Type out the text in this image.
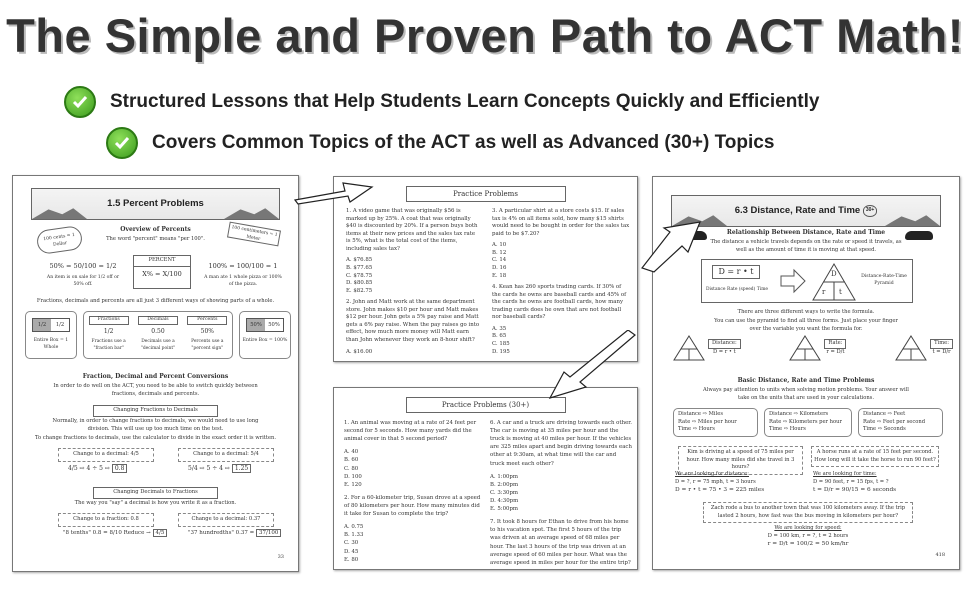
The Simple and Proven Path to ACT Math!
Structured Lessons that Help Students Learn Concepts Quickly and Efficiently
Covers Common Topics of the ACT as well as Advanced (30+) Topics
1.5 Percent Problems
Overview of Percents
The word "percent" means "per 100".
100 cents = 1 Dollar
100 centimeters = 1 Meter
50% = 50/100 = 1/2
An item is on sale for 1/2 off or 50% off.
PERCENT
X% = X/100
100% = 100/100 = 1
A man ate 1 whole pizza or 100% of the pizza.
Fractions, decimals and percents are all just 3 different ways of showing parts of a whole.
1/2	1/2
Entire Box = 1 Whole
Fractions
1/2
Fractions use a "fraction bar"
Decimals
0.50
Decimals use a "decimal point"
Percents
50%
Percents use a "percent sign"
50%	50%
Entire Box = 100%
Fraction, Decimal and Percent Conversions
In order to do well on the ACT, you need to be able to switch quickly between fractions, decimals and percents.
Changing Fractions to Decimals
Normally, in order to change fractions to decimals, we would need to use long division. This will use up too much time on the test.
To change fractions to decimals, use the calculator to divide in the exact order it is written.
Change to a decimal: 4/5
4/5 ⇨ 4 ÷ 5 ⇨ 0.8
Change to a decimal: 5/4
5/4 ⇨ 5 ÷ 4 ⇨ 1.25
Changing Decimals to Fractions
The way you "say" a decimal is how you write it as a fraction.
Change to a fraction: 0.8
"8 tenths" 0.8 = 8/10 Reduce → 4/5
Change to a decimal: 0.37
"37 hundredths" 0.37 = 37/100
33
Practice Problems

1. A video game that was originally $56 is marked up by 25%. A coat that was originally $40 is discounted by 20%. If a person buys both items at their new prices and the sales tax rate is 5%, what is the total cost of the items, including sales tax?

A. $76.85
B. $77.65
C. $78.75
D. $80.85
E. $82.75

2. John and Matt work at the same department store. John makes $10 per hour and Matt makes $12 per hour. John gets a 5% pay raise and Matt gets a 6% pay raise. When the pay raises go into effect, how much more money will Matt earn than John whenever they work an 8-hour shift?

A. $16.00

3. A particular shirt at a store costs $15. If sales tax is 4% on all items sold, how many $15 shirts would need to be bought in order for the sales tax paid to be $7.20?

A. 10
B. 12
C. 14
D. 16
E. 18

4. Kean has 260 sports trading cards. If 30% of the cards he owns are baseball cards and 45% of the cards he owns are football cards, how many trading cards does he own that are not football nor baseball cards?

A. 35
B. 65
C. 185
D. 195

Practice Problems (30+)

1. An animal was moving at a rate of 24 feet per second for 5 seconds. How many yards did the animal cover in that 5 second period?

A. 40
B. 60
C. 80
D. 100
E. 120

2. For a 60-kilometer trip, Susan drove at a speed of 80 kilometers per hour. How many minutes did it take for Susan to complete the trip?

A. 0.75
B. 1.33
C. 30
D. 45
E. 80

6. A car and a truck are driving towards each other. The car is moving at 35 miles per hour and the truck is moving at 40 miles per hour. If the vehicles are 325 miles apart and begin driving towards each other at 9:30am, at what time will the car and truck meet each other?

A. 1:00pm
B. 2:00pm
C. 3:30pm
D. 4:30pm
E. 5:00pm

7. It took 8 hours for Ethan to drive from his home to his vacation spot. The first 5 hours of the trip was driven at an average speed of 68 miles per hour. The last 3 hours of the trip was driven at an average speed of 60 miles per hour. What was the average speed in miles per hour for the entire trip?

6.3 Distance, Rate and Time
	30+
Relationship Between Distance, Rate and Time
The distance a vehicle travels depends on the rate or speed it travels, as well as the amount of time it is moving at that speed.
D = r • t
Distance Rate (speed) Time
D
r t
Distance-Rate-Time Pyramid
There are three different ways to write the formula.
You can use the pyramid to find all three forms. Just place your finger over the variable you want the formula for.
Distance:
D = r • t
Rate:
r = D/t
Time:
t = D/r
Basic Distance, Rate and Time Problems
Always pay attention to units when solving motion problems. Your answer will take on the units that are used in your calculations.
Distance ⇨ Miles
Rate ⇨ Miles per hour
Time ⇨ Hours
Distance ⇨ Kilometers
Rate ⇨ Kilometers per hour
Time ⇨ Hours
Distance ⇨ Feet
Rate ⇨ Feet per second
Time ⇨ Seconds
Kim is driving at a speed of 75 miles per hour. How many miles did she travel in 3 hours?
We are looking for distance:
D = ?, r = 75 mph, t = 3 hours
D = r • t = 75 • 3 = 225 miles
A horse runs at a rate of 15 feet per second. How long will it take the horse to run 90 feet?
We are looking for time:
D = 90 feet, r = 15 fps, t = ?
t = D/r = 90/15 = 6 seconds
Zach rode a bus to another town that was 100 kilometers away. If the trip lasted 2 hours, how fast was the bus moving in kilometers per hour?
We are looking for speed:
D = 100 km, r = ?, t = 2 hours
r = D/t = 100/2 = 50 km/hr
418
